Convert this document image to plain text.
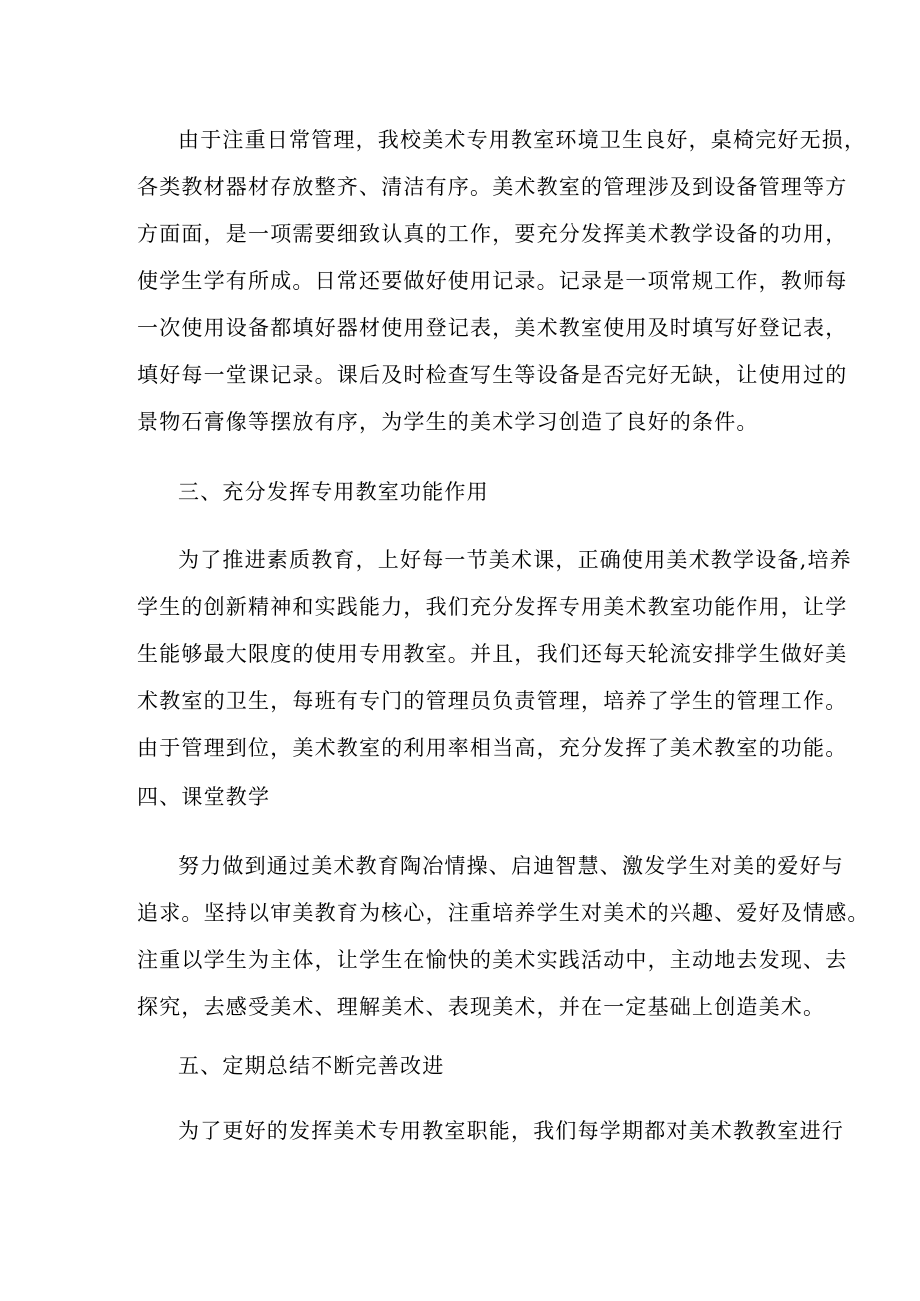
由于注重日常管理，我校美术专用教室环境卫生良好，桌椅完好无损，
各类教材器材存放整齐、清洁有序。美术教室的管理涉及到设备管理等方
方面面，是一项需要细致认真的工作，要充分发挥美术教学设备的功用，
使学生学有所成。日常还要做好使用记录。记录是一项常规工作，教师每
一次使用设备都填好器材使用登记表，美术教室使用及时填写好登记表，
填好每一堂课记录。课后及时检查写生等设备是否完好无缺，让使用过的
景物石膏像等摆放有序，为学生的美术学习创造了良好的条件。
三、充分发挥专用教室功能作用
为了推进素质教育，上好每一节美术课，正确使用美术教学设备,培养
学生的创新精神和实践能力，我们充分发挥专用美术教室功能作用，让学
生能够最大限度的使用专用教室。并且，我们还每天轮流安排学生做好美
术教室的卫生，每班有专门的管理员负责管理，培养了学生的管理工作。
由于管理到位，美术教室的利用率相当高，充分发挥了美术教室的功能。
四、课堂教学
努力做到通过美术教育陶冶情操、启迪智慧、激发学生对美的爱好与
追求。坚持以审美教育为核心，注重培养学生对美术的兴趣、爱好及情感。
注重以学生为主体，让学生在愉快的美术实践活动中，主动地去发现、去
探究，去感受美术、理解美术、表现美术，并在一定基础上创造美术。
五、定期总结不断完善改进
为了更好的发挥美术专用教室职能，我们每学期都对美术教教室进行
